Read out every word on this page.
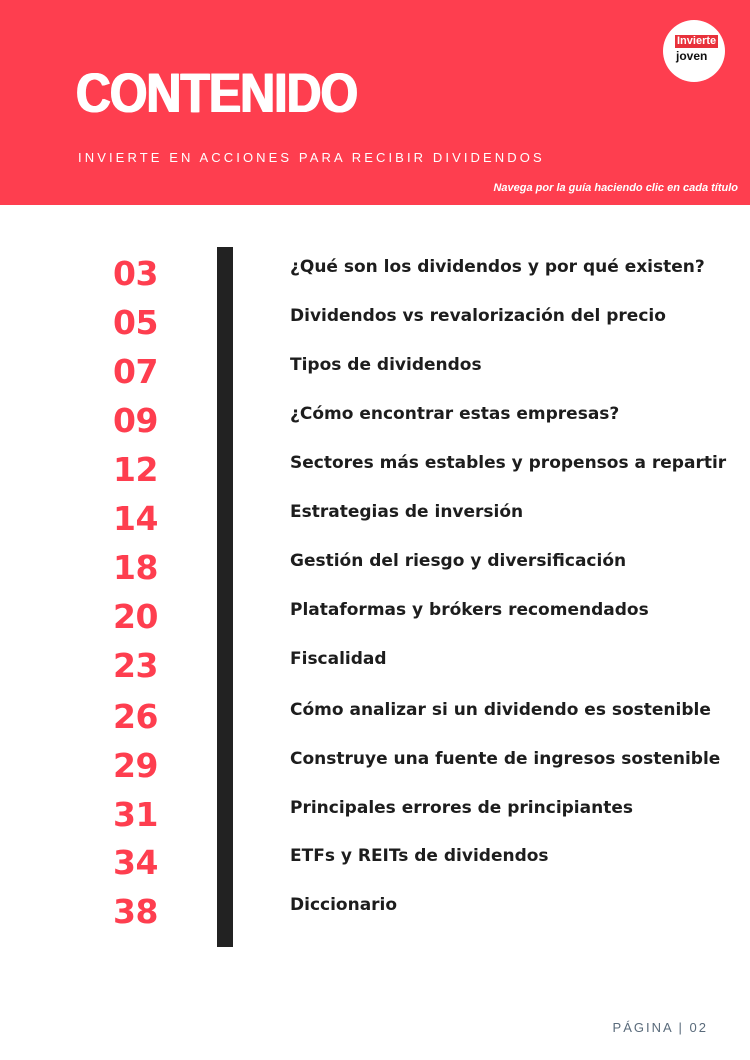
CONTENIDO
INVIERTE EN ACCIONES PARA RECIBIR DIVIDENDOS
Navega por la guía haciendo clic en cada título
Invierte
joven
03	¿Qué son los dividendos y por qué existen?
05	Dividendos vs revalorización del precio
07	Tipos de dividendos
09	¿Cómo encontrar estas empresas?
12	Sectores más estables y propensos a repartir
14	Estrategias de inversión
18	Gestión del riesgo y diversificación
20	Plataformas y brókers recomendados
23	Fiscalidad
26	Cómo analizar si un dividendo es sostenible
29	Construye una fuente de ingresos sostenible
31	Principales errores de principiantes
34	ETFs y REITs de dividendos
38	Diccionario
PÁGINA | 02
